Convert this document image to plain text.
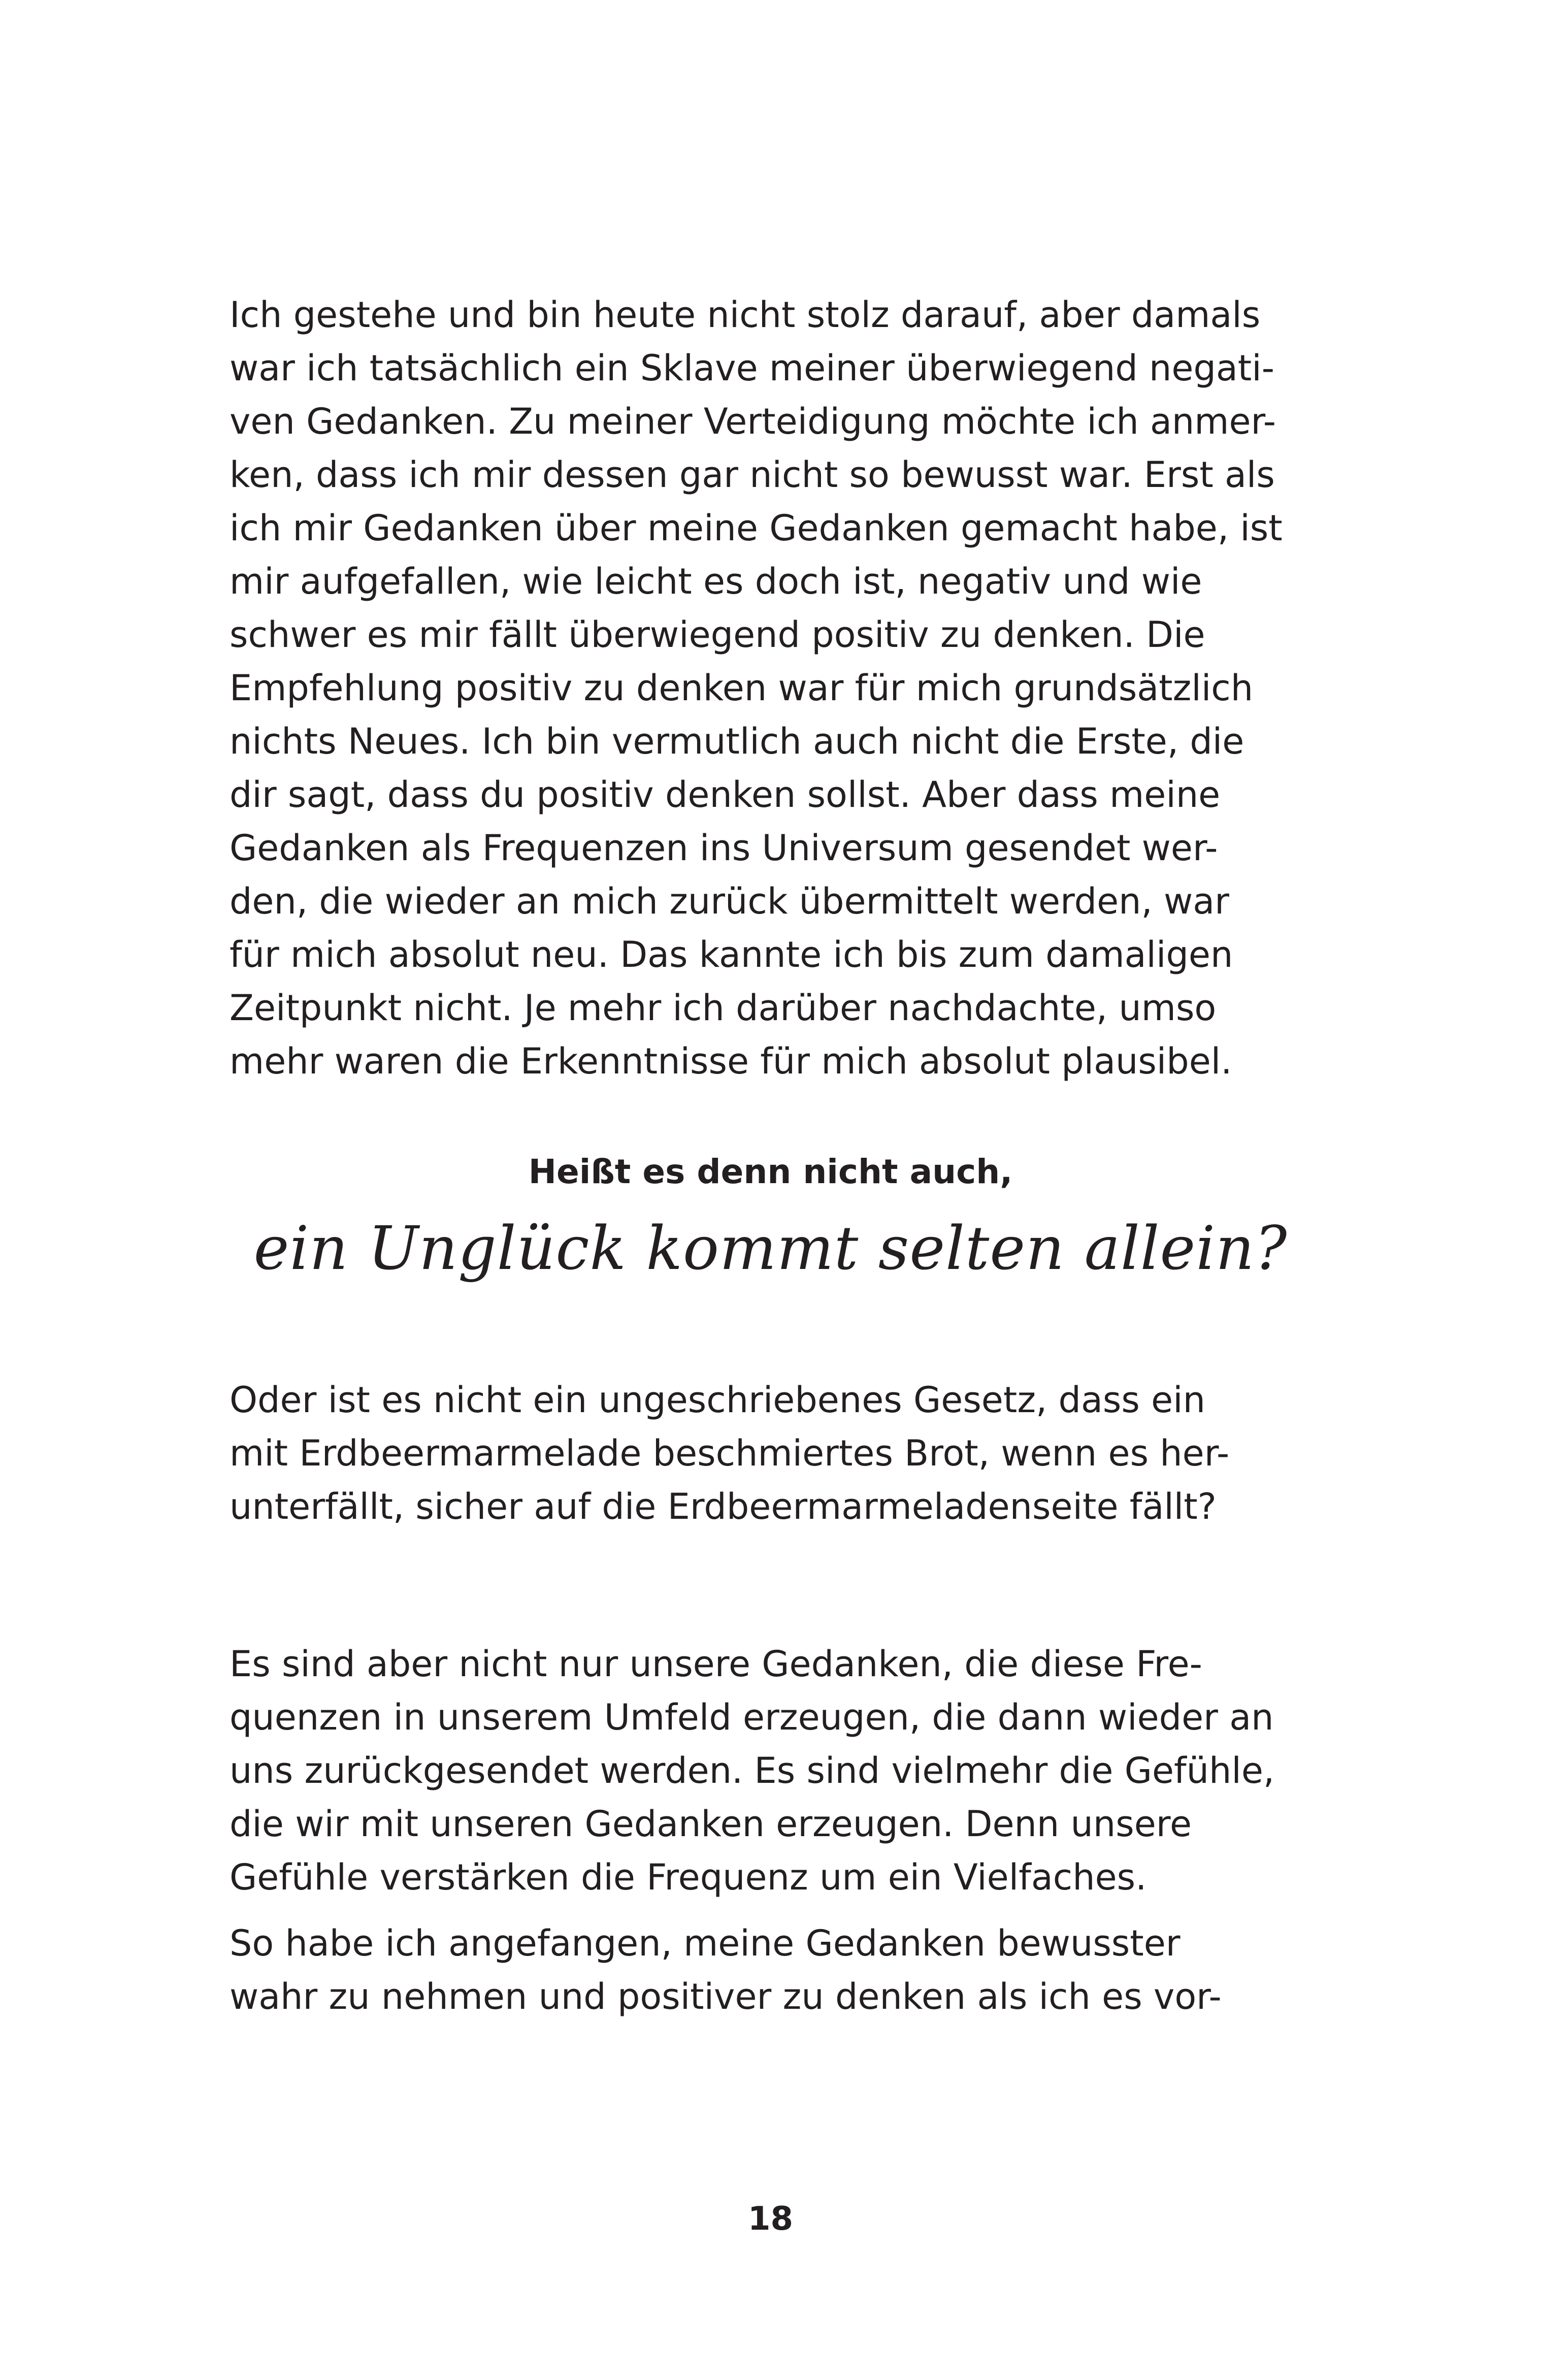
Ich gestehe und bin heute nicht stolz darauf, aber damals
war ich tatsächlich ein Sklave meiner überwiegend negati-
ven Gedanken. Zu meiner Verteidigung möchte ich anmer-
ken, dass ich mir dessen gar nicht so bewusst war. Erst als
ich mir Gedanken über meine Gedanken gemacht habe, ist
mir aufgefallen, wie leicht es doch ist, negativ und wie
schwer es mir fällt überwiegend positiv zu denken. Die
Empfehlung positiv zu denken war für mich grundsätzlich
nichts Neues. Ich bin vermutlich auch nicht die Erste, die
dir sagt, dass du positiv denken sollst. Aber dass meine
Gedanken als Frequenzen ins Universum gesendet wer-
den, die wieder an mich zurück übermittelt werden, war
für mich absolut neu. Das kannte ich bis zum damaligen
Zeitpunkt nicht. Je mehr ich darüber nachdachte, umso
mehr waren die Erkenntnisse für mich absolut plausibel.
Heißt es denn nicht auch,
ein Unglück kommt selten allein?
Oder ist es nicht ein ungeschriebenes Gesetz, dass ein
mit Erdbeermarmelade beschmiertes Brot, wenn es her-
unterfällt, sicher auf die Erdbeermarmeladenseite fällt?
Es sind aber nicht nur unsere Gedanken, die diese Fre-
quenzen in unserem Umfeld erzeugen, die dann wieder an
uns zurückgesendet werden. Es sind vielmehr die Gefühle,
die wir mit unseren Gedanken erzeugen. Denn unsere
Gefühle verstärken die Frequenz um ein Vielfaches.
So habe ich angefangen, meine Gedanken bewusster
wahr zu nehmen und positiver zu denken als ich es vor-
18
